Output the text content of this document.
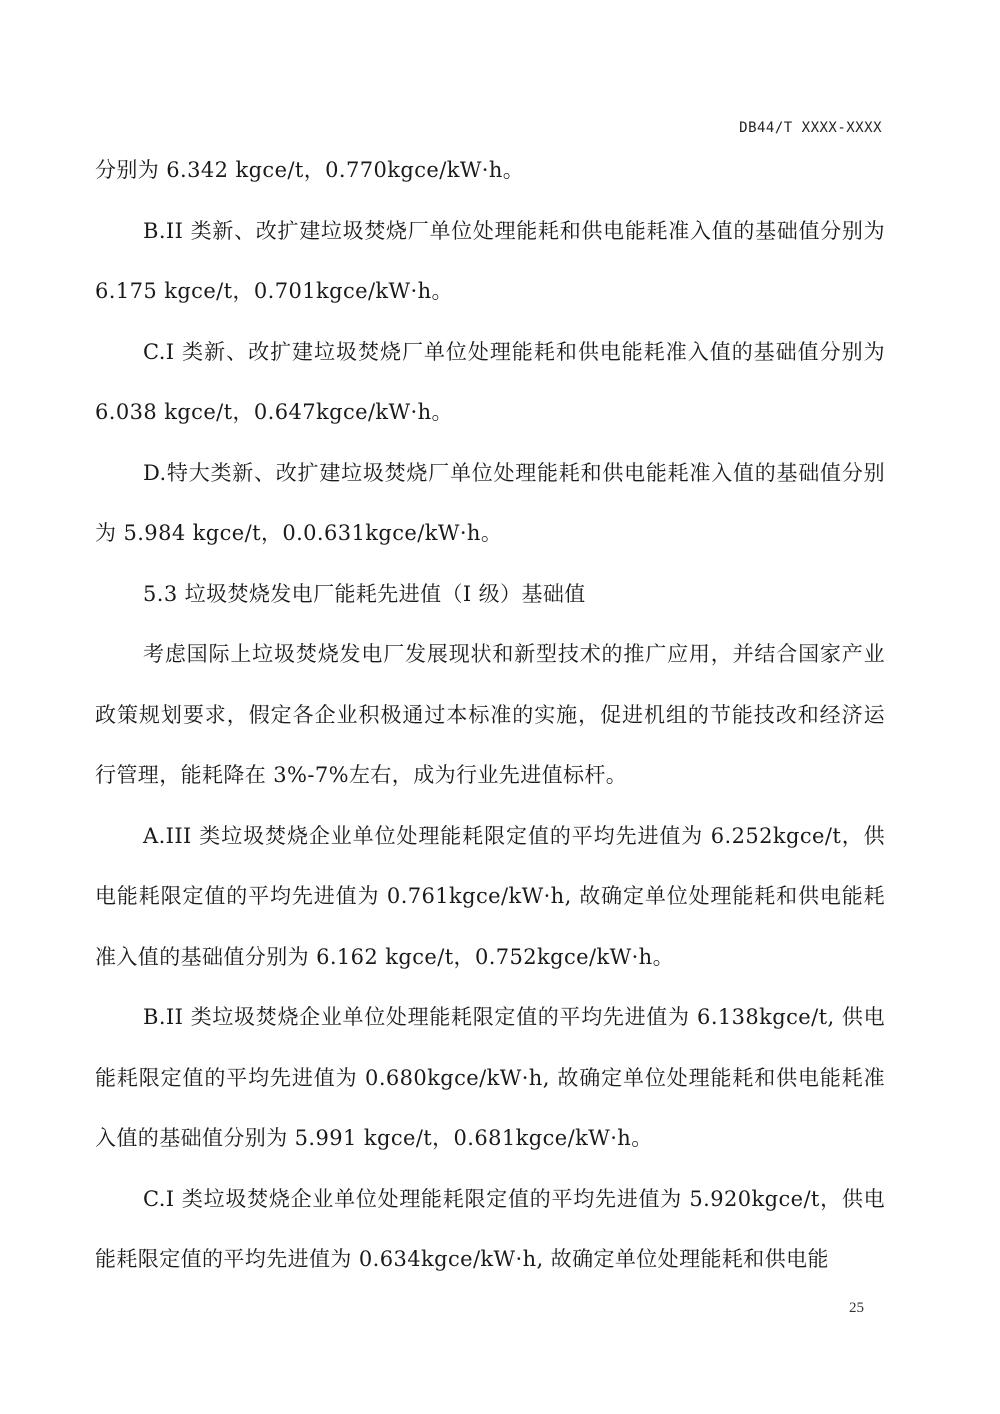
DB44/T XXXX-XXXX

分别为 6.342 kgce/t，0.770kgce/kW·h。

B.II 类新、改扩建垃圾焚烧厂单位处理能耗和供电能耗准入值的基础值分别为 6.175 kgce/t，0.701kgce/kW·h。

C.I 类新、改扩建垃圾焚烧厂单位处理能耗和供电能耗准入值的基础值分别为 6.038 kgce/t，0.647kgce/kW·h。

D.特大类新、改扩建垃圾焚烧厂单位处理能耗和供电能耗准入值的基础值分别为 5.984 kgce/t，0.0.631kgce/kW·h。

5.3 垃圾焚烧发电厂能耗先进值（I 级）基础值

考虑国际上垃圾焚烧发电厂发展现状和新型技术的推广应用，并结合国家产业政策规划要求，假定各企业积极通过本标准的实施，促进机组的节能技改和经济运行管理，能耗降在 3%-7%左右，成为行业先进值标杆。

A.III 类垃圾焚烧企业单位处理能耗限定值的平均先进值为 6.252kgce/t，供电能耗限定值的平均先进值为 0.761kgce/kW·h, 故确定单位处理能耗和供电能耗准入值的基础值分别为 6.162 kgce/t，0.752kgce/kW·h。

B.II 类垃圾焚烧企业单位处理能耗限定值的平均先进值为 6.138kgce/t, 供电能耗限定值的平均先进值为 0.680kgce/kW·h, 故确定单位处理能耗和供电能耗准入值的基础值分别为 5.991 kgce/t，0.681kgce/kW·h。

C.I 类垃圾焚烧企业单位处理能耗限定值的平均先进值为 5.920kgce/t，供电能耗限定值的平均先进值为 0.634kgce/kW·h, 故确定单位处理能耗和供电能

25
